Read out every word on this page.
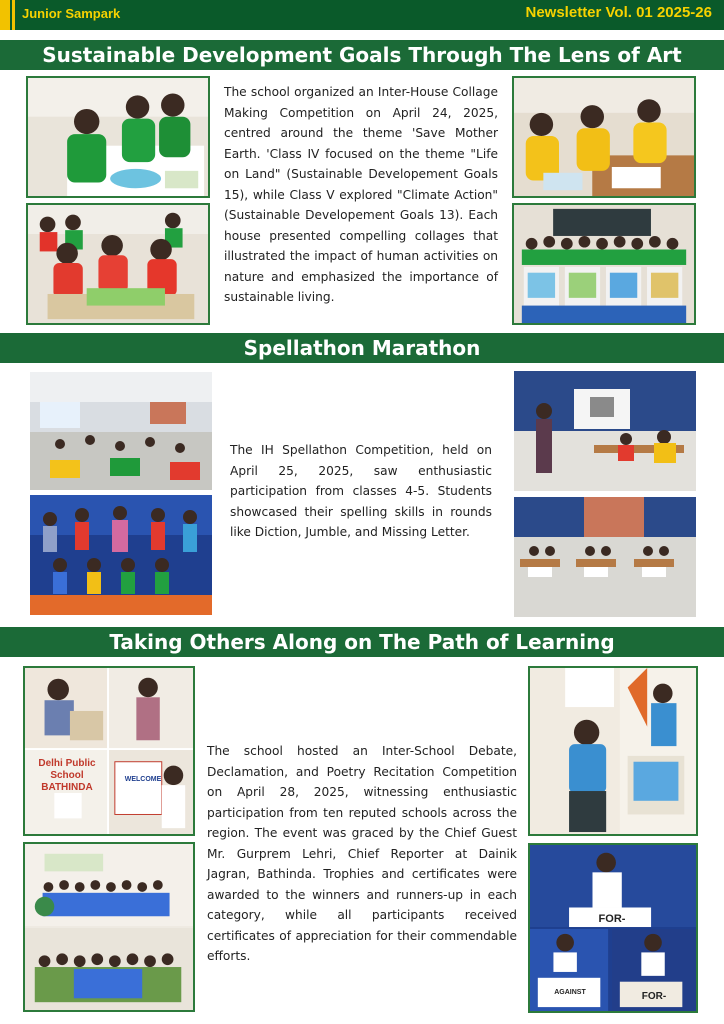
Junior Sampark	Newsletter Vol. 01 2025-26
Sustainable Development Goals Through The Lens of Art
The school organized an Inter-House Collage Making Competition on April 24, 2025, centred around the theme 'Save Mother Earth. 'Class IV focused on the theme "Life on Land" (Sustainable Developement Goals 15), while Class V explored "Climate Action" (Sustainable Developement Goals 13). Each house presented compelling collages that illustrated the impact of human activities on nature and emphasized the importance of sustainable living.
Spellathon Marathon
The IH Spellathon Competition, held on April 25, 2025, saw enthusiastic participation from classes 4-5. Students showcased their spelling skills in rounds like Diction, Jumble, and Missing Letter.
Taking Others Along on The Path of Learning
Delhi Public School
BATHINDA
WELCOME
The school hosted an Inter-School Debate, Declamation, and Poetry Recitation Competition on April 28, 2025, witnessing enthusiastic participation from ten reputed schools across the region. The event was graced by the Chief Guest Mr. Gurprem Lehri, Chief Reporter at Dainik Jagran, Bathinda. Trophies and certificates were awarded to the winners and runners-up in each category, while all participants received certificates of appreciation for their commendable efforts.
FOR-
AGAINST	FOR-
